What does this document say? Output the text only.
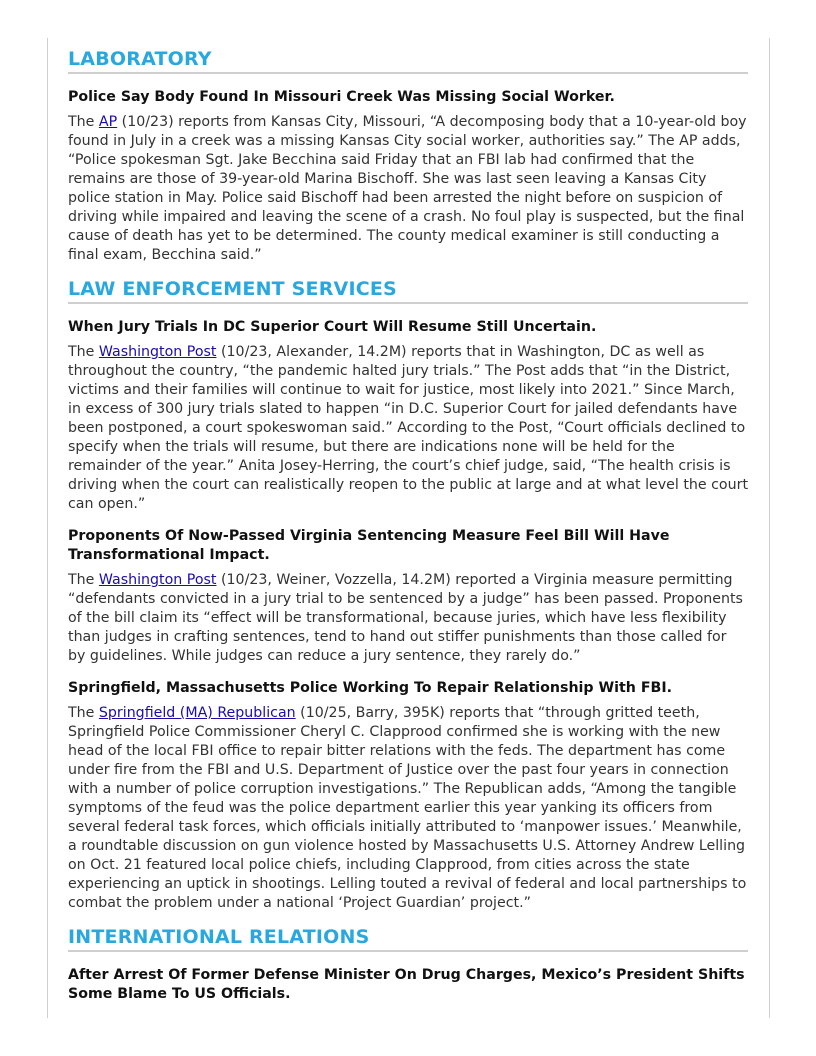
LABORATORY
Police Say Body Found In Missouri Creek Was Missing Social Worker.

The AP (10/23) reports from Kansas City, Missouri, “A decomposing body that a 10-year-old boy found in July in a creek was a missing Kansas City social worker, authorities say.” The AP adds, “Police spokesman Sgt. Jake Becchina said Friday that an FBI lab had confirmed that the remains are those of 39-year-old Marina Bischoff. She was last seen leaving a Kansas City police station in May. Police said Bischoff had been arrested the night before on suspicion of driving while impaired and leaving the scene of a crash. No foul play is suspected, but the final cause of death has yet to be determined. The county medical examiner is still conducting a final exam, Becchina said.”

LAW ENFORCEMENT SERVICES
When Jury Trials In DC Superior Court Will Resume Still Uncertain.

The Washington Post (10/23, Alexander, 14.2M) reports that in Washington, DC as well as throughout the country, “the pandemic halted jury trials.” The Post adds that “in the District, victims and their families will continue to wait for justice, most likely into 2021.” Since March, in excess of 300 jury trials slated to happen “in D.C. Superior Court for jailed defendants have been postponed, a court spokeswoman said.” According to the Post, “Court officials declined to specify when the trials will resume, but there are indications none will be held for the remainder of the year.” Anita Josey-Herring, the court’s chief judge, said, “The health crisis is driving when the court can realistically reopen to the public at large and at what level the court can open.”

Proponents Of Now-Passed Virginia Sentencing Measure Feel Bill Will Have Transformational Impact.

The Washington Post (10/23, Weiner, Vozzella, 14.2M) reported a Virginia measure permitting “defendants convicted in a jury trial to be sentenced by a judge” has been passed. Proponents of the bill claim its “effect will be transformational, because juries, which have less flexibility than judges in crafting sentences, tend to hand out stiffer punishments than those called for by guidelines. While judges can reduce a jury sentence, they rarely do.”

Springfield, Massachusetts Police Working To Repair Relationship With FBI.

The Springfield (MA) Republican (10/25, Barry, 395K) reports that “through gritted teeth, Springfield Police Commissioner Cheryl C. Clapprood confirmed she is working with the new head of the local FBI office to repair bitter relations with the feds. The department has come under fire from the FBI and U.S. Department of Justice over the past four years in connection with a number of police corruption investigations.” The Republican adds, “Among the tangible symptoms of the feud was the police department earlier this year yanking its officers from several federal task forces, which officials initially attributed to ‘manpower issues.’ Meanwhile, a roundtable discussion on gun violence hosted by Massachusetts U.S. Attorney Andrew Lelling on Oct. 21 featured local police chiefs, including Clapprood, from cities across the state experiencing an uptick in shootings. Lelling touted a revival of federal and local partnerships to combat the problem under a national ‘Project Guardian’ project.”

INTERNATIONAL RELATIONS
After Arrest Of Former Defense Minister On Drug Charges, Mexico’s President Shifts Some Blame To US Officials.
